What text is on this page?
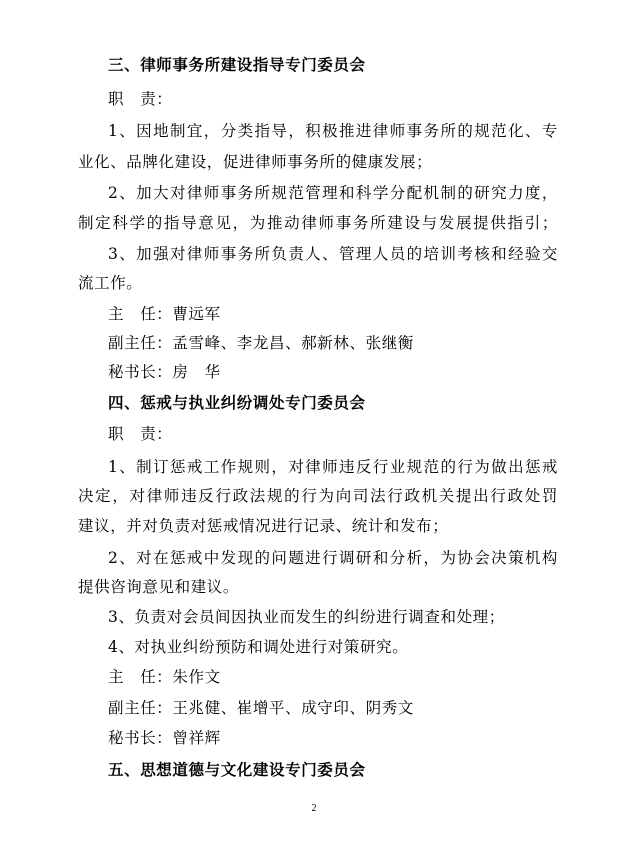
三、律师事务所建设指导专门委员会
职　责：
1、因地制宜，分类指导，积极推进律师事务所的规范化、专
业化、品牌化建设，促进律师事务所的健康发展；
2、加大对律师事务所规范管理和科学分配机制的研究力度，
制定科学的指导意见，为推动律师事务所建设与发展提供指引；
3、加强对律师事务所负责人、管理人员的培训考核和经验交
流工作。
主　任：曹远军
副主任：孟雪峰、李龙昌、郝新林、张继衡
秘书长：房　华
四、惩戒与执业纠纷调处专门委员会
职　责：
1、制订惩戒工作规则，对律师违反行业规范的行为做出惩戒
决定，对律师违反行政法规的行为向司法行政机关提出行政处罚
建议，并对负责对惩戒情况进行记录、统计和发布；
2、对在惩戒中发现的问题进行调研和分析，为协会决策机构
提供咨询意见和建议。
3、负责对会员间因执业而发生的纠纷进行调查和处理；
4、对执业纠纷预防和调处进行对策研究。
主　任：朱作文
副主任：王兆健、崔增平、成守印、阴秀文
秘书长：曾祥辉
五、思想道德与文化建设专门委员会
2
